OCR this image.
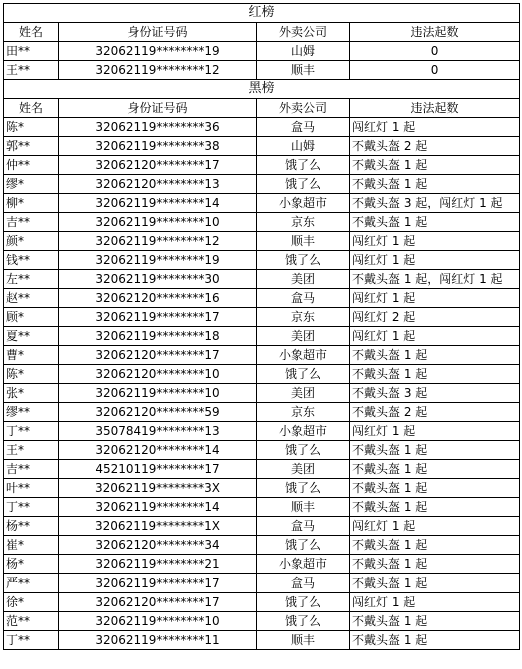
红榜			
姓名	身份证号码	外卖公司	违法起数
田**	32062119********19	山姆	0
王**	32062119********12	顺丰	0
黑榜			
姓名	身份证号码	外卖公司	违法起数
陈*	32062119********36	盒马	闯红灯 1 起
郭**	32062119********38	山姆	不戴头盔 2 起
仲**	32062120********17	饿了么	不戴头盔 1 起
缪*	32062120********13	饿了么	不戴头盔 1 起
柳*	32062119********14	小象超市	不戴头盔 3 起，闯红灯 1 起
吉**	32062119********10	京东	不戴头盔 1 起
颜*	32062119********12	顺丰	闯红灯 1 起
钱**	32062119********19	饿了么	闯红灯 1 起
左**	32062119********30	美团	不戴头盔 1 起，闯红灯 1 起
赵**	32062120********16	盒马	闯红灯 1 起
顾*	32062119********17	京东	闯红灯 2 起
夏**	32062119********18	美团	闯红灯 1 起
曹*	32062120********17	小象超市	不戴头盔 1 起
陈*	32062120********10	饿了么	不戴头盔 1 起
张*	32062119********10	美团	不戴头盔 3 起
缪**	32062120********59	京东	不戴头盔 2 起
丁**	35078419********13	小象超市	闯红灯 1 起
王*	32062120********14	饿了么	不戴头盔 1 起
吉**	45210119********17	美团	不戴头盔 1 起
叶**	32062119********3X	饿了么	不戴头盔 1 起
丁**	32062119********14	顺丰	不戴头盔 1 起
杨**	32062119********1X	盒马	闯红灯 1 起
崔*	32062120********34	饿了么	不戴头盔 1 起
杨*	32062119********21	小象超市	不戴头盔 1 起
严**	32062119********17	盒马	不戴头盔 1 起
徐*	32062120********17	饿了么	闯红灯 1 起
范**	32062119********10	饿了么	不戴头盔 1 起
丁**	32062119********11	顺丰	不戴头盔 1 起
